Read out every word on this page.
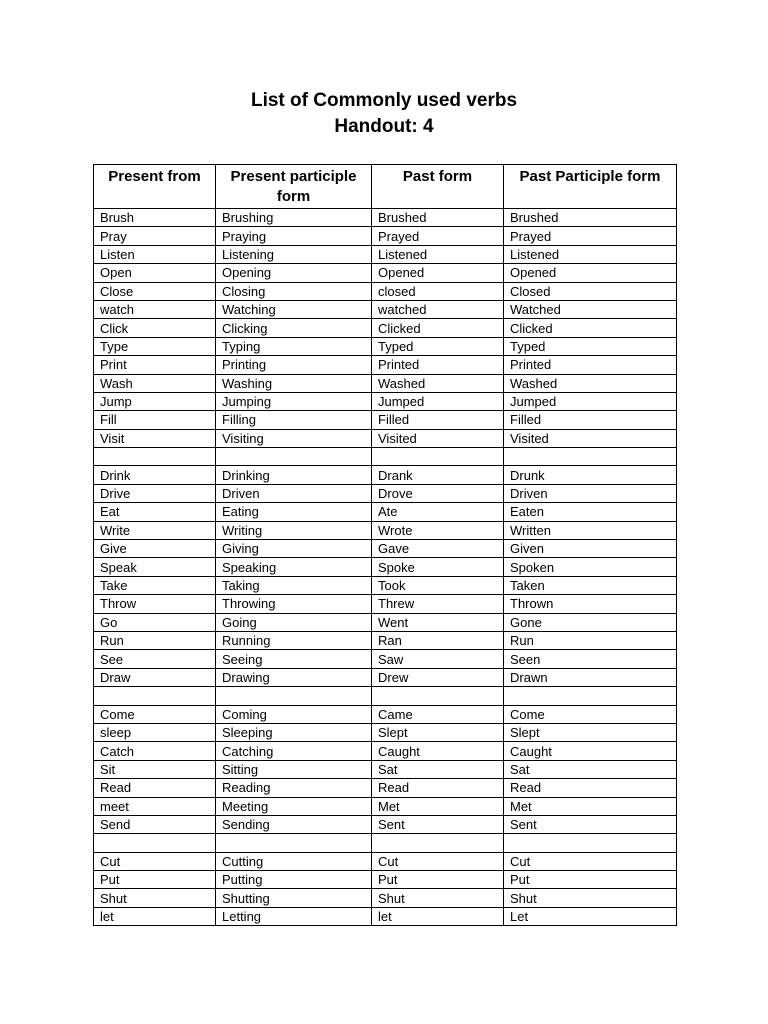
List of Commonly used verbs
Handout: 4
Present from	Present participle form	Past form	Past Participle form
Brush	Brushing	Brushed	Brushed
Pray	Praying	Prayed	Prayed
Listen	Listening	Listened	Listened
Open	Opening	Opened	Opened
Close	Closing	closed	Closed
watch	Watching	watched	Watched
Click	Clicking	Clicked	Clicked
Type	Typing	Typed	Typed
Print	Printing	Printed	Printed
Wash	Washing	Washed	Washed
Jump	Jumping	Jumped	Jumped
Fill	Filling	Filled	Filled
Visit	Visiting	Visited	Visited

Drink	Drinking	Drank	Drunk
Drive	Driven	Drove	Driven
Eat	Eating	Ate	Eaten
Write	Writing	Wrote	Written
Give	Giving	Gave	Given
Speak	Speaking	Spoke	Spoken
Take	Taking	Took	Taken
Throw	Throwing	Threw	Thrown
Go	Going	Went	Gone
Run	Running	Ran	Run
See	Seeing	Saw	Seen
Draw	Drawing	Drew	Drawn

Come	Coming	Came	Come
sleep	Sleeping	Slept	Slept
Catch	Catching	Caught	Caught
Sit	Sitting	Sat	Sat
Read	Reading	Read	Read
meet	Meeting	Met	Met
Send	Sending	Sent	Sent

Cut	Cutting	Cut	Cut
Put	Putting	Put	Put
Shut	Shutting	Shut	Shut
let	Letting	let	Let
